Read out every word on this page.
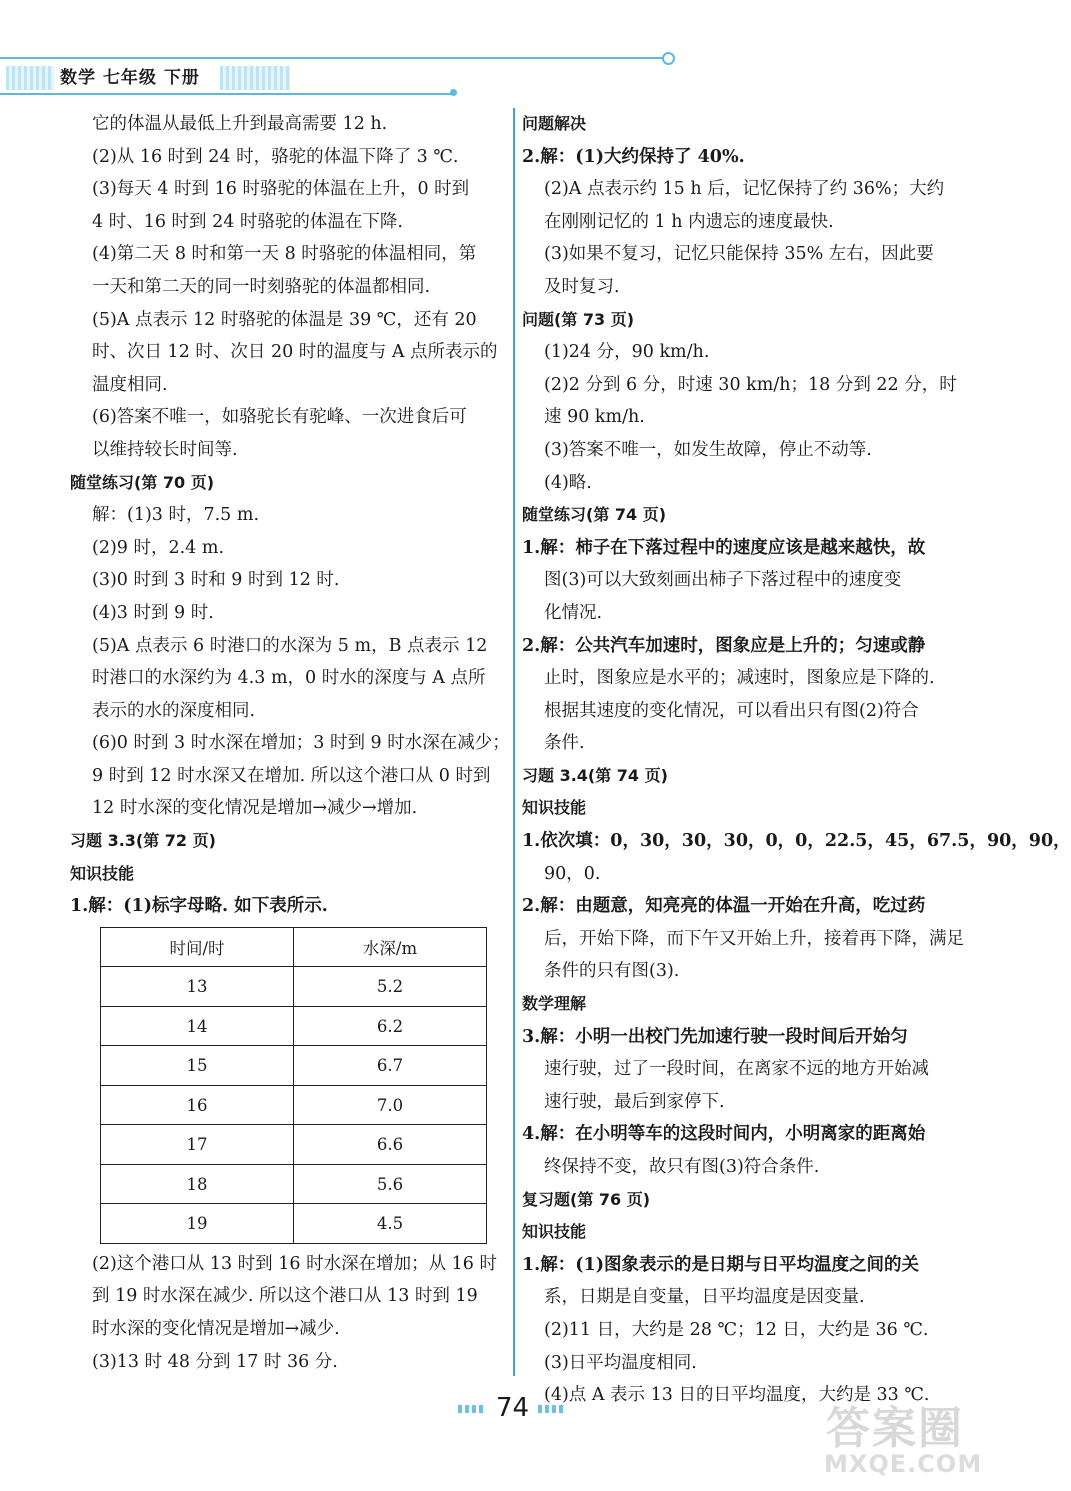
数学 七年级 下册
它的体温从最低上升到最高需要 12 h.
(2)从 16 时到 24 时，骆驼的体温下降了 3 ℃.
(3)每天 4 时到 16 时骆驼的体温在上升，0 时到
4 时、16 时到 24 时骆驼的体温在下降.
(4)第二天 8 时和第一天 8 时骆驼的体温相同，第
一天和第二天的同一时刻骆驼的体温都相同.
(5)A 点表示 12 时骆驼的体温是 39 ℃，还有 20
时、次日 12 时、次日 20 时的温度与 A 点所表示的
温度相同.
(6)答案不唯一，如骆驼长有驼峰、一次进食后可
以维持较长时间等.
随堂练习(第 70 页)
解：(1)3 时，7.5 m.
(2)9 时，2.4 m.
(3)0 时到 3 时和 9 时到 12 时.
(4)3 时到 9 时.
(5)A 点表示 6 时港口的水深为 5 m，B 点表示 12
时港口的水深约为 4.3 m，0 时水的深度与 A 点所
表示的水的深度相同.
(6)0 时到 3 时水深在增加；3 时到 9 时水深在减少；
9 时到 12 时水深又在增加. 所以这个港口从 0 时到
12 时水深的变化情况是增加→减少→增加.
习题 3.3(第 72 页)
知识技能
1.解：(1)标字母略. 如下表所示.
时间/时	水深/m
13	5.2
14	6.2
15	6.7
16	7.0
17	6.6
18	5.6
19	4.5
(2)这个港口从 13 时到 16 时水深在增加；从 16 时
到 19 时水深在减少. 所以这个港口从 13 时到 19
时水深的变化情况是增加→减少.
(3)13 时 48 分到 17 时 36 分.
问题解决
2.解：(1)大约保持了 40%.
(2)A 点表示约 15 h 后，记忆保持了约 36%；大约
在刚刚记忆的 1 h 内遗忘的速度最快.
(3)如果不复习，记忆只能保持 35% 左右，因此要
及时复习.
问题(第 73 页)
(1)24 分，90 km/h.
(2)2 分到 6 分，时速 30 km/h；18 分到 22 分，时
速 90 km/h.
(3)答案不唯一，如发生故障，停止不动等.
(4)略.
随堂练习(第 74 页)
1.解：柿子在下落过程中的速度应该是越来越快，故
图(3)可以大致刻画出柿子下落过程中的速度变
化情况.
2.解：公共汽车加速时，图象应是上升的；匀速或静
止时，图象应是水平的；减速时，图象应是下降的.
根据其速度的变化情况，可以看出只有图(2)符合
条件.
习题 3.4(第 74 页)
知识技能
1.依次填：0，30，30，30，0，0，22.5，45，67.5，90，90，
90，0.
2.解：由题意，知亮亮的体温一开始在升高，吃过药
后，开始下降，而下午又开始上升，接着再下降，满足
条件的只有图(3).
数学理解
3.解：小明一出校门先加速行驶一段时间后开始匀
速行驶，过了一段时间，在离家不远的地方开始减
速行驶，最后到家停下.
4.解：在小明等车的这段时间内，小明离家的距离始
终保持不变，故只有图(3)符合条件.
复习题(第 76 页)
知识技能
1.解：(1)图象表示的是日期与日平均温度之间的关
系，日期是自变量，日平均温度是因变量.
(2)11 日，大约是 28 ℃；12 日，大约是 36 ℃.
(3)日平均温度相同.
(4)点 A 表示 13 日的日平均温度，大约是 33 ℃.
74	答案圈
MXQE.COM
